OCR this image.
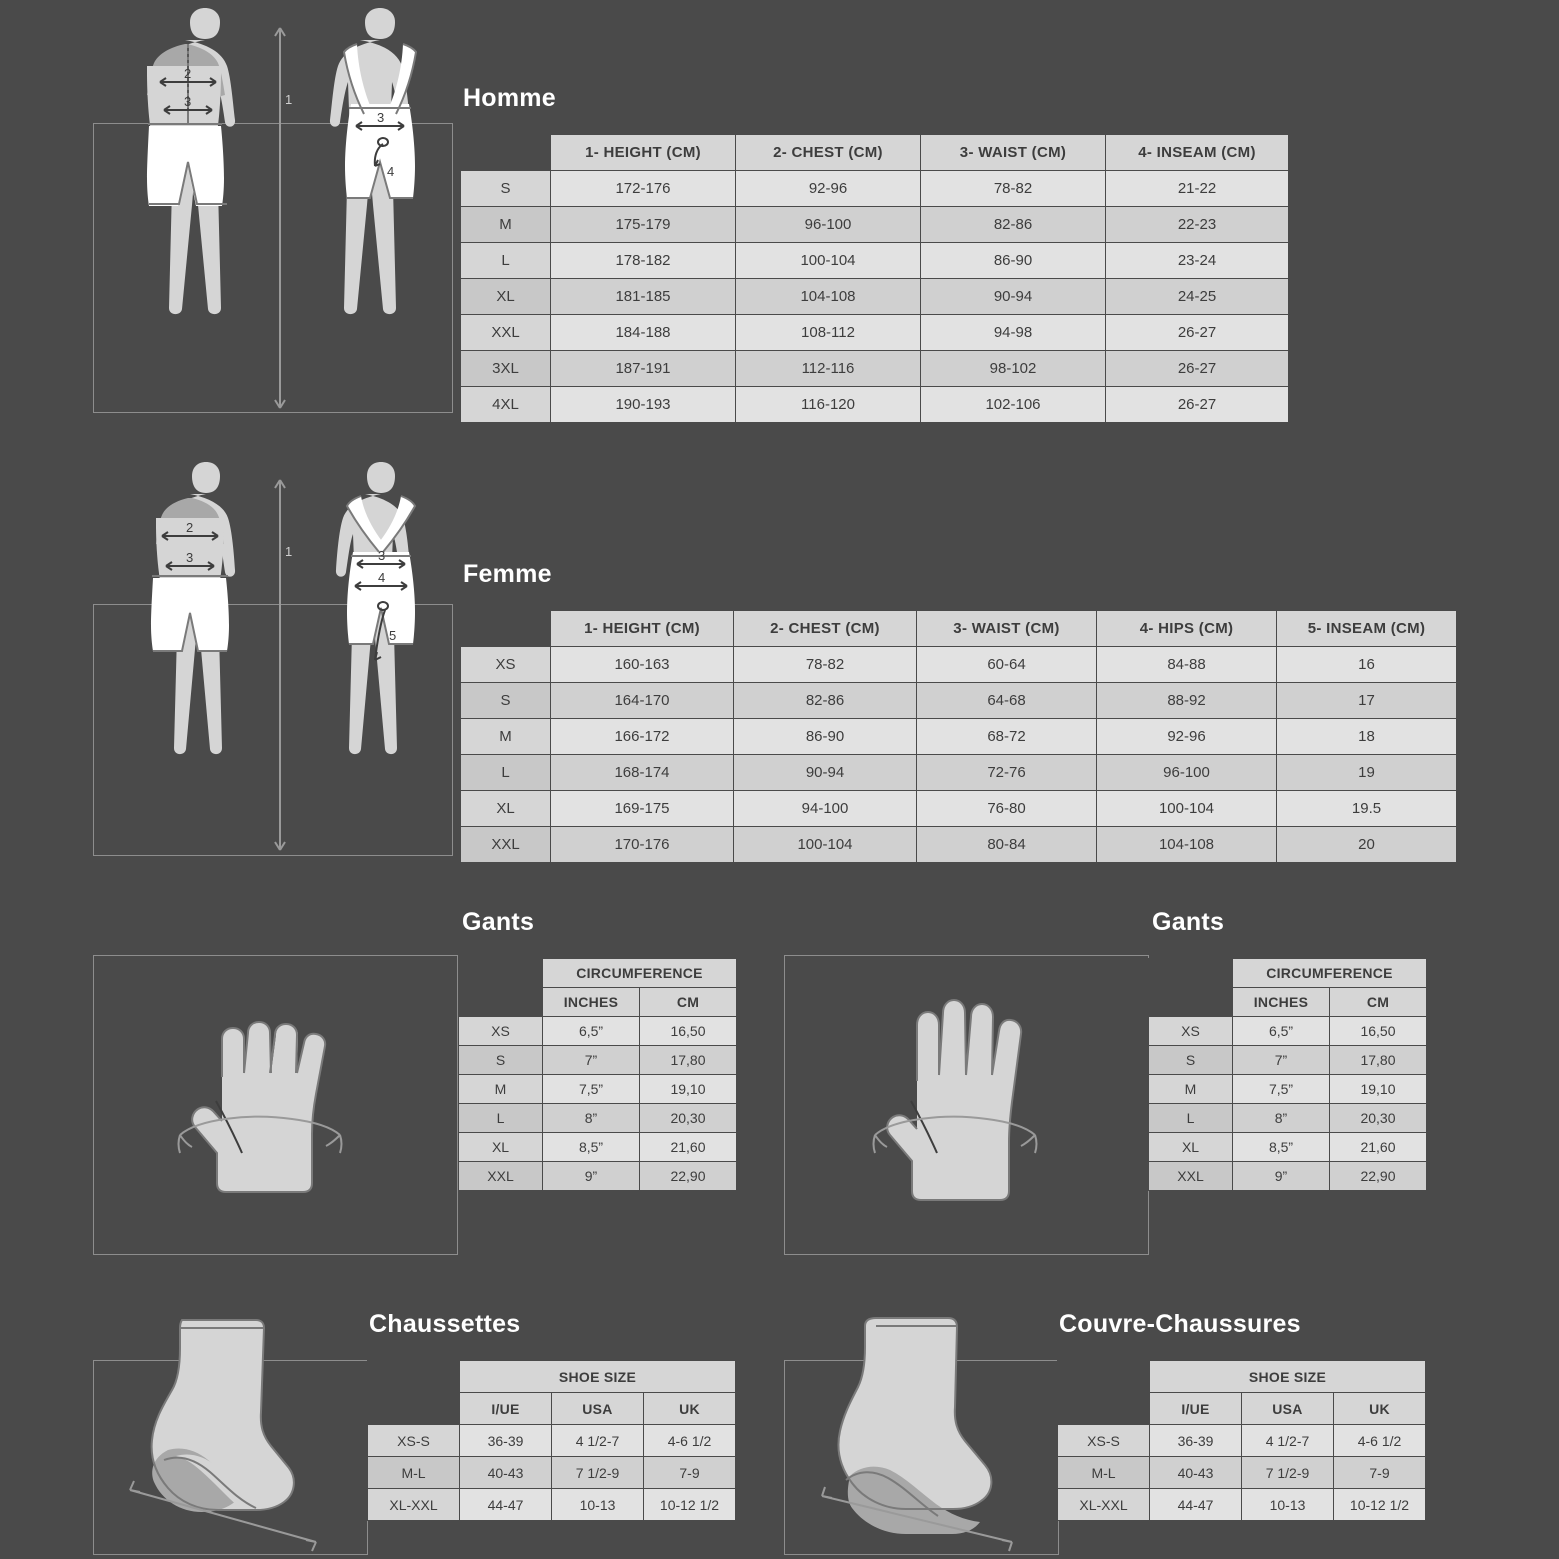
2
3	1
3
4
Homme
	1- HEIGHT (CM)	2- CHEST (CM)	3- WAIST (CM)	4- INSEAM (CM)
S	172-176	92-96	78-82	21-22
M	175-179	96-100	82-86	22-23
L	178-182	100-104	86-90	23-24
XL	181-185	104-108	90-94	24-25
XXL	184-188	108-112	94-98	26-27
3XL	187-191	112-116	98-102	26-27
4XL	190-193	116-120	102-106	26-27
2
3	1	3
4
5
Femme
	1- HEIGHT (CM)	2- CHEST (CM)	3- WAIST (CM)	4- HIPS (CM)	5- INSEAM (CM)
XS	160-163	78-82	60-64	84-88	16
S	164-170	82-86	64-68	88-92	17
M	166-172	86-90	68-72	92-96	18
L	168-174	90-94	72-76	96-100	19
XL	169-175	94-100	76-80	100-104	19.5
XXL	170-176	100-104	80-84	104-108	20
Gants
	CIRCUMFERENCE	
	INCHES	CM
XS	6,5”	16,50
S	7”	17,80
M	7,5”	19,10
L	8”	20,30
XL	8,5”	21,60
XXL	9”	22,90
Gants
	CIRCUMFERENCE	
	INCHES	CM
XS	6,5”	16,50
S	7”	17,80
M	7,5”	19,10
L	8”	20,30
XL	8,5”	21,60
XXL	9”	22,90
Chaussettes
	SHOE SIZE		
	I/UE	USA	UK
XS-S	36-39	4 1/2-7	4-6 1/2
M-L	40-43	7 1/2-9	7-9
XL-XXL	44-47	10-13	10-12 1/2
Couvre-Chaussures
	SHOE SIZE		
	I/UE	USA	UK
XS-S	36-39	4 1/2-7	4-6 1/2
M-L	40-43	7 1/2-9	7-9
XL-XXL	44-47	10-13	10-12 1/2
